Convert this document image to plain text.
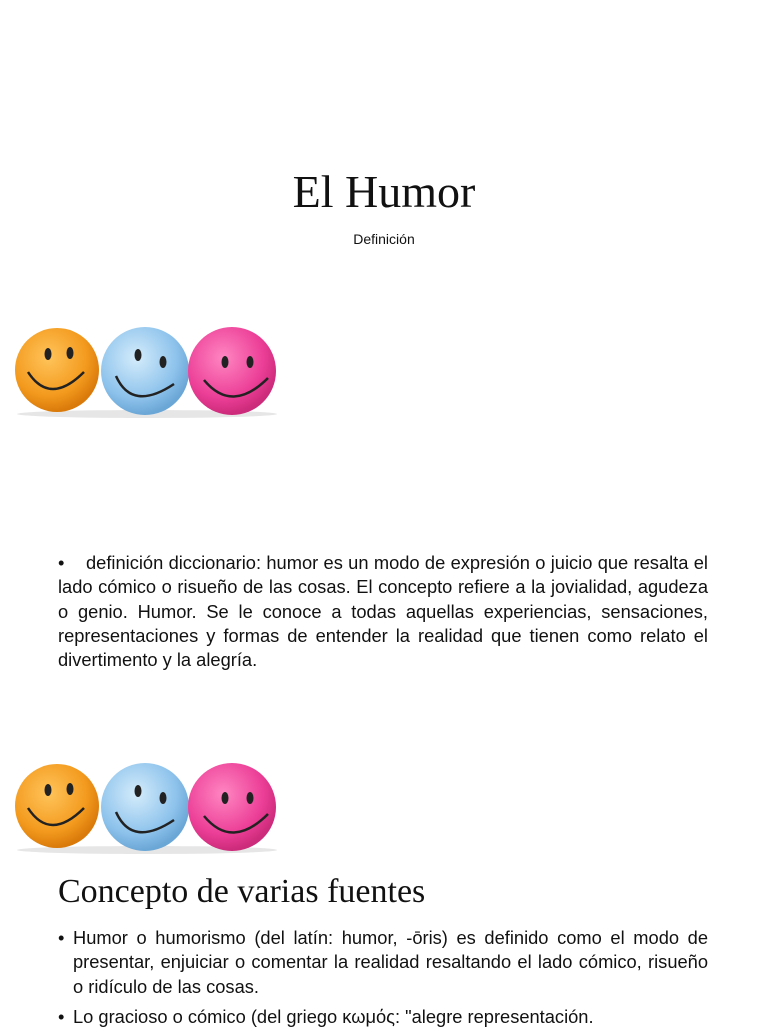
El Humor
Definición

• definición diccionario: humor es un modo de expresión o juicio que resalta el lado cómico o risueño de las cosas. El concepto refiere a la jovialidad, agudeza o genio. Humor. Se le conoce a todas aquellas experiencias, sensaciones, representaciones y formas de entender la realidad que tienen como relato el divertimento y la alegría.

Concepto de varias fuentes
• Humor o humorismo (del latín: humor, -ōris) es definido como el modo de presentar, enjuiciar o comentar la realidad resaltando el lado cómico, risueño o ridículo de las cosas.
• Lo gracioso o cómico (del griego κωμός: "alegre representación.
